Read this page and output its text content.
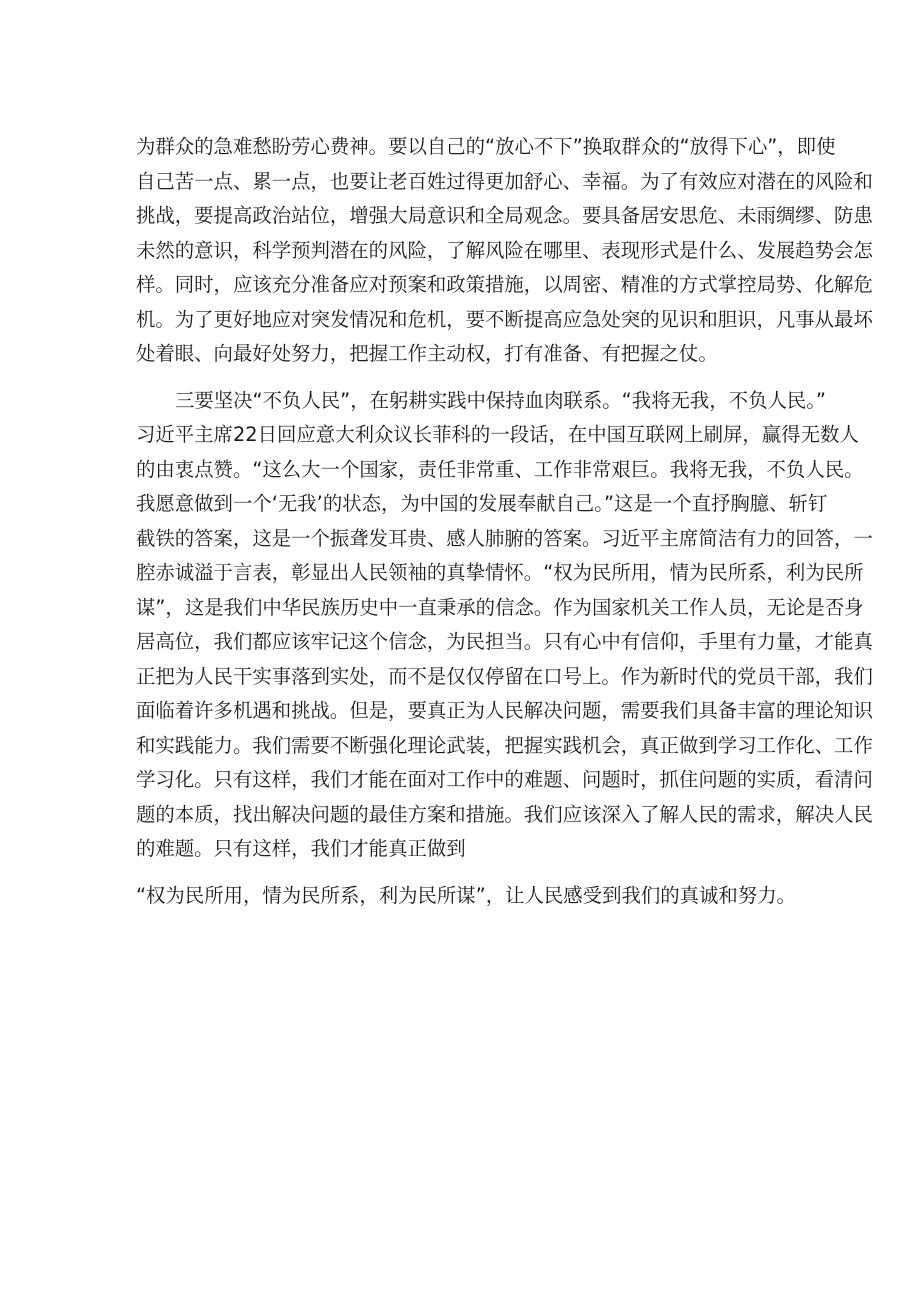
为群众的急难愁盼劳心费神。要以自己的“放心不下”换取群众的“放得下心”，即使
自己苦一点、累一点，也要让老百姓过得更加舒心、幸福。为了有效应对潜在的风险和
挑战，要提高政治站位，增强大局意识和全局观念。要具备居安思危、未雨绸缪、防患
未然的意识，科学预判潜在的风险，了解风险在哪里、表现形式是什么、发展趋势会怎
样。同时，应该充分准备应对预案和政策措施，以周密、精准的方式掌控局势、化解危
机。为了更好地应对突发情况和危机，要不断提高应急处突的见识和胆识，凡事从最坏
处着眼、向最好处努力，把握工作主动权，打有准备、有把握之仗。
三要坚决“不负人民”，在躬耕实践中保持血肉联系。“我将无我，不负人民。”
习近平主席22日回应意大利众议长菲科的一段话，在中国互联网上刷屏，赢得无数人
的由衷点赞。“这么大一个国家，责任非常重、工作非常艰巨。我将无我，不负人民。
我愿意做到一个‘无我’的状态，为中国的发展奉献自己。”这是一个直抒胸臆、斩钉
截铁的答案，这是一个振聋发耳贵、感人肺腑的答案。习近平主席简洁有力的回答，一
腔赤诚溢于言表，彰显出人民领袖的真挚情怀。“权为民所用，情为民所系，利为民所
谋”，这是我们中华民族历史中一直秉承的信念。作为国家机关工作人员，无论是否身
居高位，我们都应该牢记这个信念，为民担当。只有心中有信仰，手里有力量，才能真
正把为人民干实事落到实处，而不是仅仅停留在口号上。作为新时代的党员干部，我们
面临着许多机遇和挑战。但是，要真正为人民解决问题，需要我们具备丰富的理论知识
和实践能力。我们需要不断强化理论武装，把握实践机会，真正做到学习工作化、工作
学习化。只有这样，我们才能在面对工作中的难题、问题时，抓住问题的实质，看清问
题的本质，找出解决问题的最佳方案和措施。我们应该深入了解人民的需求，解决人民
的难题。只有这样，我们才能真正做到
“权为民所用，情为民所系，利为民所谋”，让人民感受到我们的真诚和努力。
